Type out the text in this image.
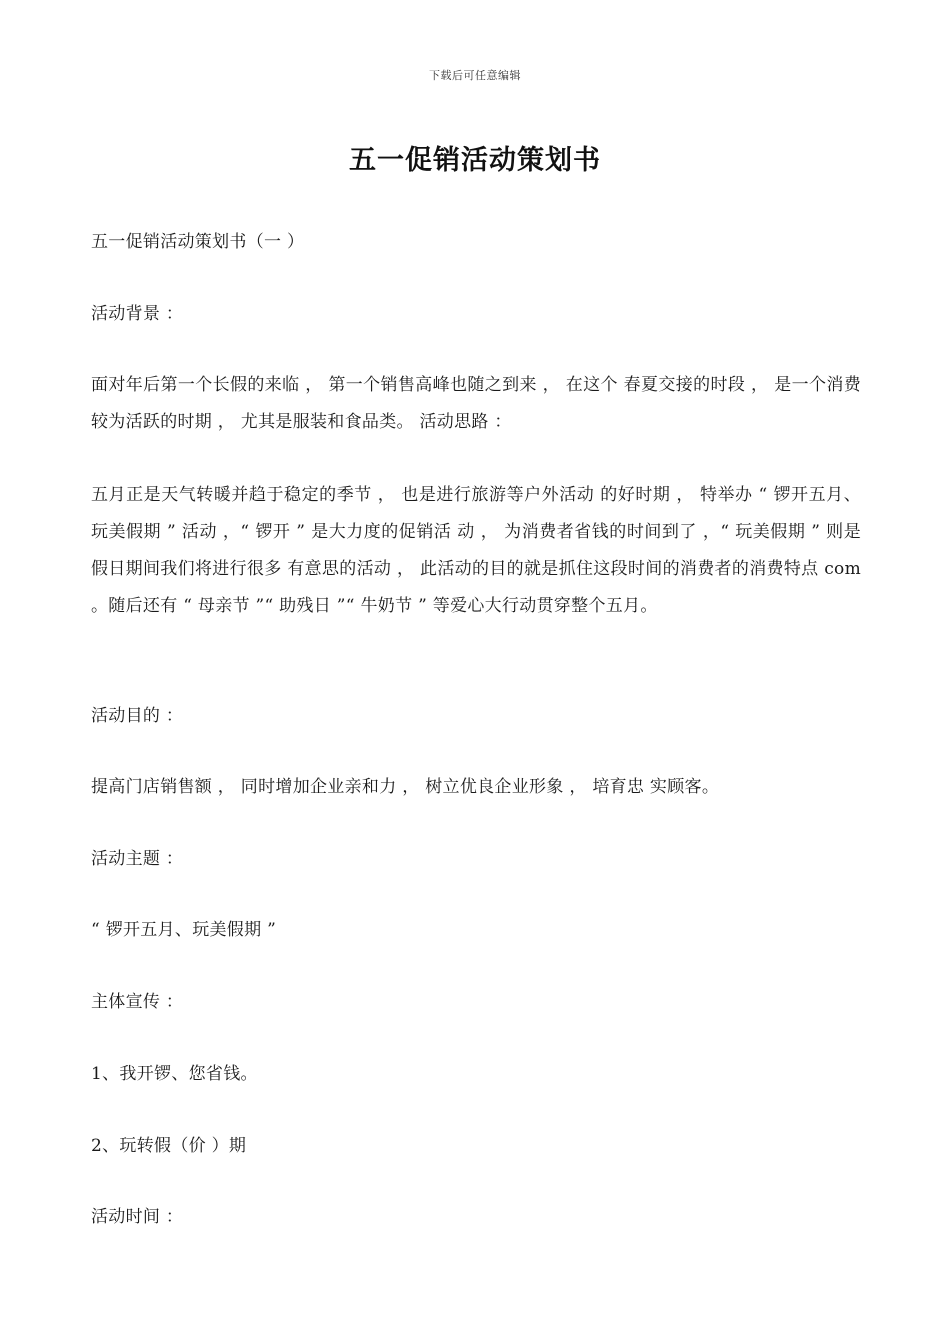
下载后可任意编辑
五一促销活动策划书
五一促销活动策划书（一 ）
活动背景 ：
面对年后第一个长假的来临 ， 第一个销售高峰也随之到来 ， 在这个 春夏交接的时段 ， 是一个消费较为活跃的时期 ， 尤其是服装和食品类。 活动思路 ：
五月正是天气转暖并趋于稳定的季节 ， 也是进行旅游等户外活动 的好时期 ， 特举办 “ 锣开五月、玩美假期 ” 活动 ，“ 锣开 ” 是大力度的促销活 动 ， 为消费者省钱的时间到了 ，“ 玩美假期 ” 则是假日期间我们将进行很多 有意思的活动 ， 此活动的目的就是抓住这段时间的消费者的消费特点 com 。随后还有 “ 母亲节 ”“ 助残日 ”“ 牛奶节 ” 等爱心大行动贯穿整个五月。
活动目的 ：
提高门店销售额 ， 同时增加企业亲和力 ， 树立优良企业形象 ， 培育忠 实顾客。
活动主题 ：
“ 锣开五月、玩美假期 ”
主体宣传 ：
1、我开锣、您省钱。
2、玩转假（价 ）期
活动时间 ：
